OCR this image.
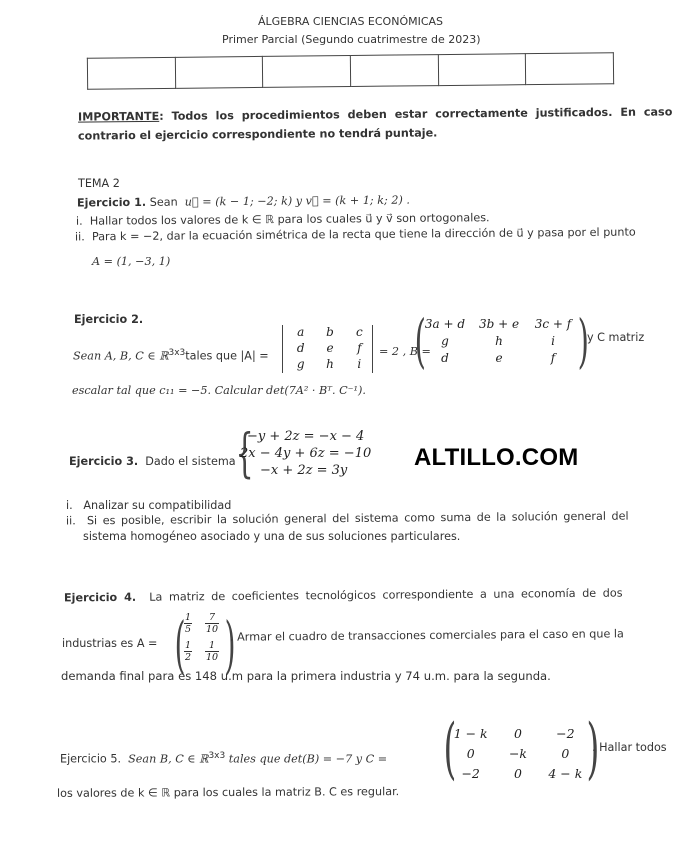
ÁLGEBRA CIENCIAS ECONÓMICAS
Primer Parcial (Segundo cuatrimestre de 2023)

IMPORTANTE: Todos los procedimientos deben estar correctamente justificados. En caso
contrario el ejercicio correspondiente no tendrá puntaje.
TEMA 2
Ejercicio 1. Sean u⃗ = (k − 1; −2; k) y v⃗ = (k + 1; k; 2) .
i. Hallar todos los valores de k ∈ ℝ para los cuales u⃗ y v⃗ son ortogonales.
ii. Para k = −2, dar la ecuación simétrica de la recta que tiene la dirección de u⃗ y pasa por el punto
A = (1, −3, 1)
Ejercicio 2.
Sean A, B, C ∈ ℝ$^{3x3}$tales que |A| =
a	b	c
d	e	f
g	h	i
= 2 , B =
(
3a + d	3b + e	3c + f
g	h	i
d	e	f )
y C matriz
escalar tal que c₁₁ = −5. Calcular det(7A² · Bᵀ. C⁻¹).
Ejercicio 3. Dado el sistema {
−y + 2z = −x − 4
2x − 4y + 6z = −10
−x + 2z = 3y	ALTILLO.COM
i. Analizar su compatibilidad
ii. Si es posible, escribir la solución general del sistema como suma de la solución general del
sistema homogéneo asociado y una de sus soluciones particulares.
Ejercicio 4. La matriz de coeficientes tecnológicos correspondiente a una economía de dos
industrias es A = (
$\frac{1}{5} \frac{7}{10}$
$\frac{1}{2} \frac{1}{10}$ )
. Armar el cuadro de transacciones comerciales para el caso en que la
demanda final para es 148 u.m para la primera industria y 74 u.m. para la segunda.
Ejercicio 5. Sean B, C ∈ ℝ$^{3x3}$ tales que det(B) = −7 y C = (
1 − k	0	−2
0	−k	0
−2	0	4 − k )
. Hallar todos
los valores de k ∈ ℝ para los cuales la matriz B. C es regular.
